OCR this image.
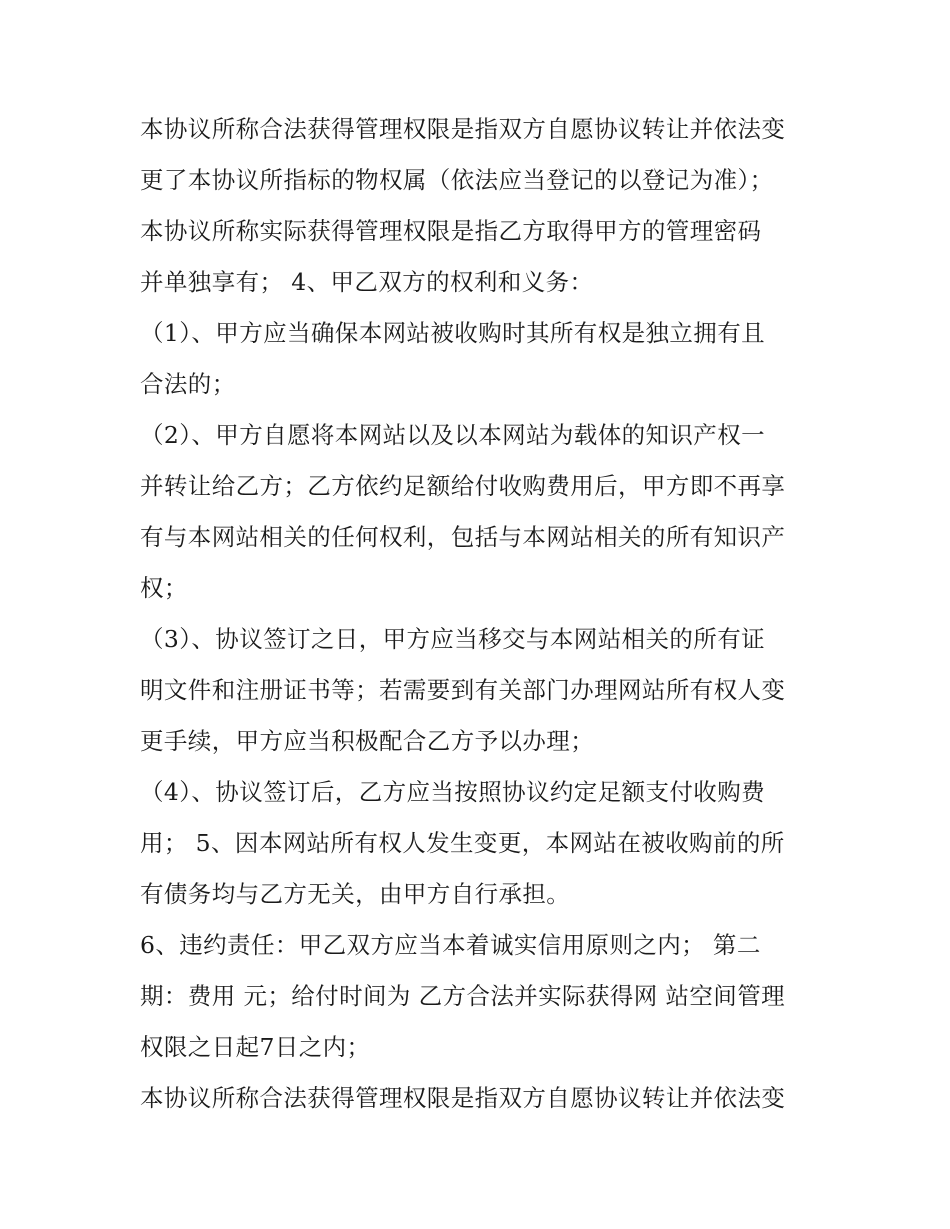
本协议所称合法获得管理权限是指双方自愿协议转让并依法变
更了本协议所指标的物权属（依法应当登记的以登记为准）；
本协议所称实际获得管理权限是指乙方取得甲方的管理密码
并单独享有； 4、甲乙双方的权利和义务：
（1）、甲方应当确保本网站被收购时其所有权是独立拥有且
合法的；
（2）、甲方自愿将本网站以及以本网站为载体的知识产权一
并转让给乙方；乙方依约足额给付收购费用后，甲方即不再享
有与本网站相关的任何权利，包括与本网站相关的所有知识产
权；
（3）、协议签订之日，甲方应当移交与本网站相关的所有证
明文件和注册证书等；若需要到有关部门办理网站所有权人变
更手续，甲方应当积极配合乙方予以办理；
（4）、协议签订后，乙方应当按照协议约定足额支付收购费
用； 5、因本网站所有权人发生变更，本网站在被收购前的所
有债务均与乙方无关，由甲方自行承担。
6、违约责任：甲乙双方应当本着诚实信用原则之内； 第二
期：费用 元；给付时间为 乙方合法并实际获得网 站空间管理
权限之日起7日之内；
本协议所称合法获得管理权限是指双方自愿协议转让并依法变
